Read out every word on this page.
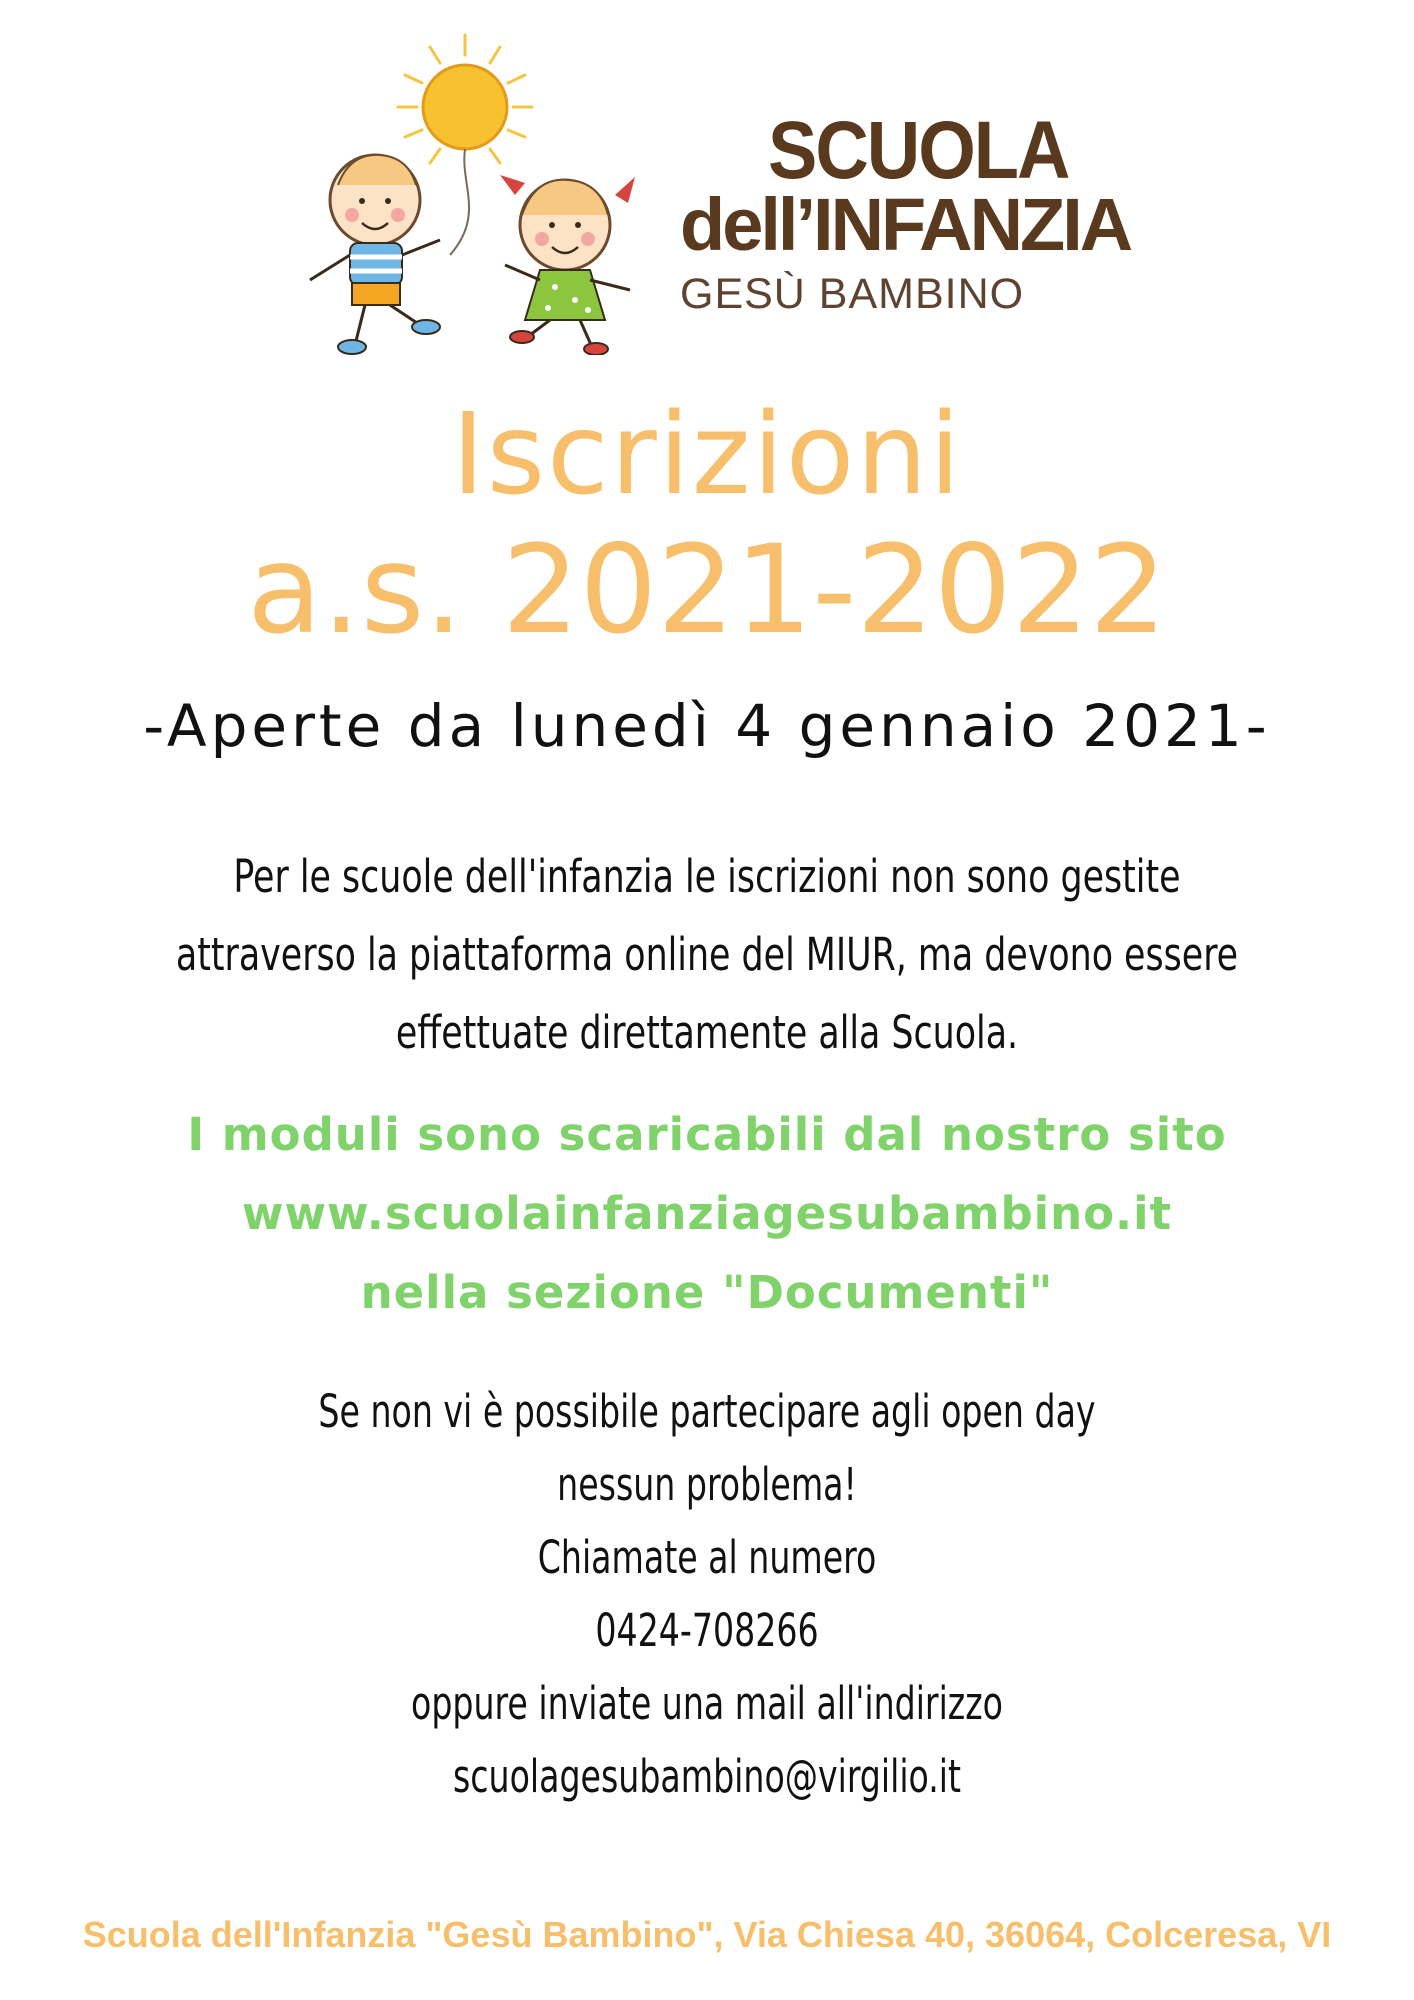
SCUOLA
dell’INFANZIA
GESÙ BAMBINO
Iscrizioni
a.s. 2021-2022
-Aperte da lunedì 4 gennaio 2021-
Per le scuole dell'infanzia le iscrizioni non sono gestite
attraverso la piattaforma online del MIUR, ma devono essere
effettuate direttamente alla Scuola.
I moduli sono scaricabili dal nostro sito
www.scuolainfanziagesubambino.it
nella sezione "Documenti"
Se non vi è possibile partecipare agli open day
nessun problema!
Chiamate al numero
0424-708266
oppure inviate una mail all'indirizzo
scuolagesubambino@virgilio.it
Scuola dell'Infanzia "Gesù Bambino", Via Chiesa 40, 36064, Colceresa, VI
